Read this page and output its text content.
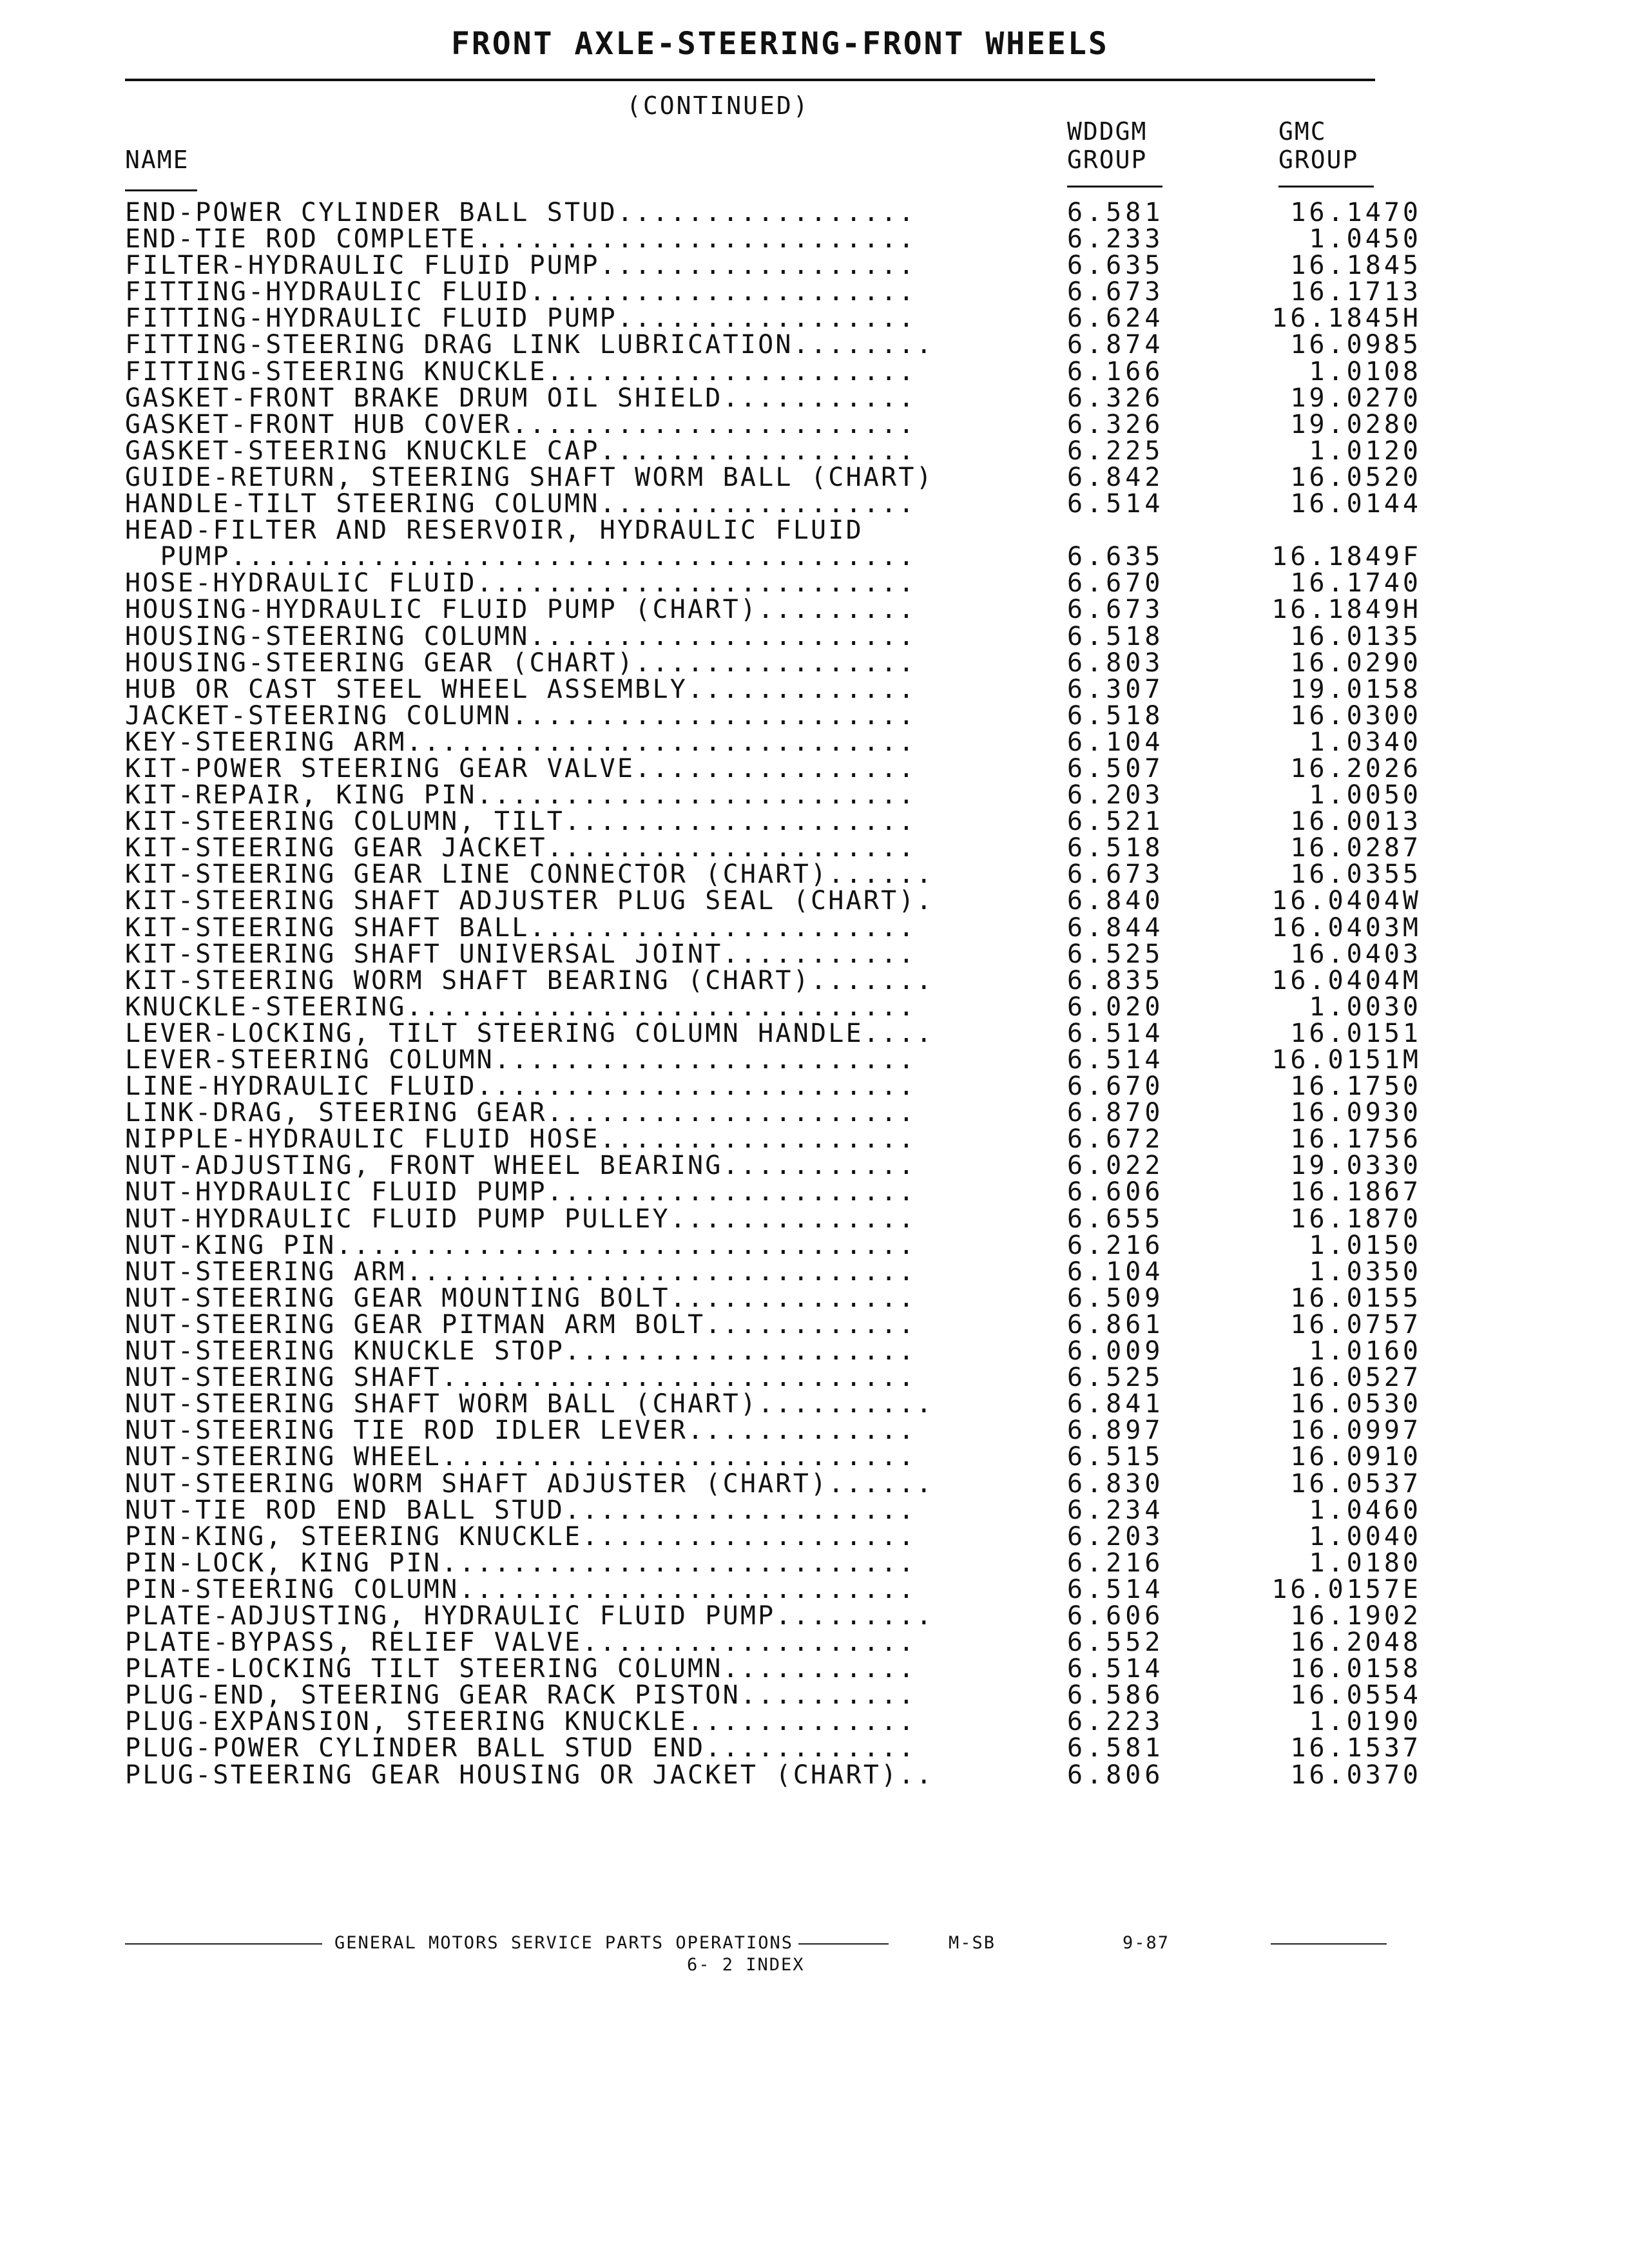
FRONT AXLE-STEERING-FRONT WHEELS
(CONTINUED)
NAME
WDDGM
GROUP
GMC
GROUP
END-POWER CYLINDER BALL STUD.................	6.581	16.1470
END-TIE ROD COMPLETE.........................	6.233	1.0450
FILTER-HYDRAULIC FLUID PUMP..................	6.635	16.1845
FITTING-HYDRAULIC FLUID......................	6.673	16.1713
FITTING-HYDRAULIC FLUID PUMP.................	6.624	16.1845H
FITTING-STEERING DRAG LINK LUBRICATION........	6.874	16.0985
FITTING-STEERING KNUCKLE.....................	6.166	1.0108
GASKET-FRONT BRAKE DRUM OIL SHIELD...........	6.326	19.0270
GASKET-FRONT HUB COVER.......................	6.326	19.0280
GASKET-STEERING KNUCKLE CAP..................	6.225	1.0120
GUIDE-RETURN, STEERING SHAFT WORM BALL (CHART)	6.842	16.0520
HANDLE-TILT STEERING COLUMN..................	6.514	16.0144
HEAD-FILTER AND RESERVOIR, HYDRAULIC FLUID
PUMP.......................................	6.635	16.1849F
HOSE-HYDRAULIC FLUID.........................	6.670	16.1740
HOUSING-HYDRAULIC FLUID PUMP (CHART).........	6.673	16.1849H
HOUSING-STEERING COLUMN......................	6.518	16.0135
HOUSING-STEERING GEAR (CHART)................	6.803	16.0290
HUB OR CAST STEEL WHEEL ASSEMBLY.............	6.307	19.0158
JACKET-STEERING COLUMN.......................	6.518	16.0300
KEY-STEERING ARM.............................	6.104	1.0340
KIT-POWER STEERING GEAR VALVE................	6.507	16.2026
KIT-REPAIR, KING PIN.........................	6.203	1.0050
KIT-STEERING COLUMN, TILT....................	6.521	16.0013
KIT-STEERING GEAR JACKET.....................	6.518	16.0287
KIT-STEERING GEAR LINE CONNECTOR (CHART)......	6.673	16.0355
KIT-STEERING SHAFT ADJUSTER PLUG SEAL (CHART).	6.840	16.0404W
KIT-STEERING SHAFT BALL......................	6.844	16.0403M
KIT-STEERING SHAFT UNIVERSAL JOINT...........	6.525	16.0403
KIT-STEERING WORM SHAFT BEARING (CHART).......	6.835	16.0404M
KNUCKLE-STEERING.............................	6.020	1.0030
LEVER-LOCKING, TILT STEERING COLUMN HANDLE....	6.514	16.0151
LEVER-STEERING COLUMN........................	6.514	16.0151M
LINE-HYDRAULIC FLUID.........................	6.670	16.1750
LINK-DRAG, STEERING GEAR.....................	6.870	16.0930
NIPPLE-HYDRAULIC FLUID HOSE..................	6.672	16.1756
NUT-ADJUSTING, FRONT WHEEL BEARING...........	6.022	19.0330
NUT-HYDRAULIC FLUID PUMP.....................	6.606	16.1867
NUT-HYDRAULIC FLUID PUMP PULLEY..............	6.655	16.1870
NUT-KING PIN.................................	6.216	1.0150
NUT-STEERING ARM.............................	6.104	1.0350
NUT-STEERING GEAR MOUNTING BOLT..............	6.509	16.0155
NUT-STEERING GEAR PITMAN ARM BOLT............	6.861	16.0757
NUT-STEERING KNUCKLE STOP....................	6.009	1.0160
NUT-STEERING SHAFT...........................	6.525	16.0527
NUT-STEERING SHAFT WORM BALL (CHART)..........	6.841	16.0530
NUT-STEERING TIE ROD IDLER LEVER.............	6.897	16.0997
NUT-STEERING WHEEL...........................	6.515	16.0910
NUT-STEERING WORM SHAFT ADJUSTER (CHART)......	6.830	16.0537
NUT-TIE ROD END BALL STUD....................	6.234	1.0460
PIN-KING, STEERING KNUCKLE...................	6.203	1.0040
PIN-LOCK, KING PIN...........................	6.216	1.0180
PIN-STEERING COLUMN..........................	6.514	16.0157E
PLATE-ADJUSTING, HYDRAULIC FLUID PUMP.........	6.606	16.1902
PLATE-BYPASS, RELIEF VALVE...................	6.552	16.2048
PLATE-LOCKING TILT STEERING COLUMN...........	6.514	16.0158
PLUG-END, STEERING GEAR RACK PISTON..........	6.586	16.0554
PLUG-EXPANSION, STEERING KNUCKLE.............	6.223	1.0190
PLUG-POWER CYLINDER BALL STUD END............	6.581	16.1537
PLUG-STEERING GEAR HOUSING OR JACKET (CHART)..	6.806	16.0370
GENERAL MOTORS SERVICE PARTS OPERATIONS	M-SB	9-87
6- 2 INDEX
